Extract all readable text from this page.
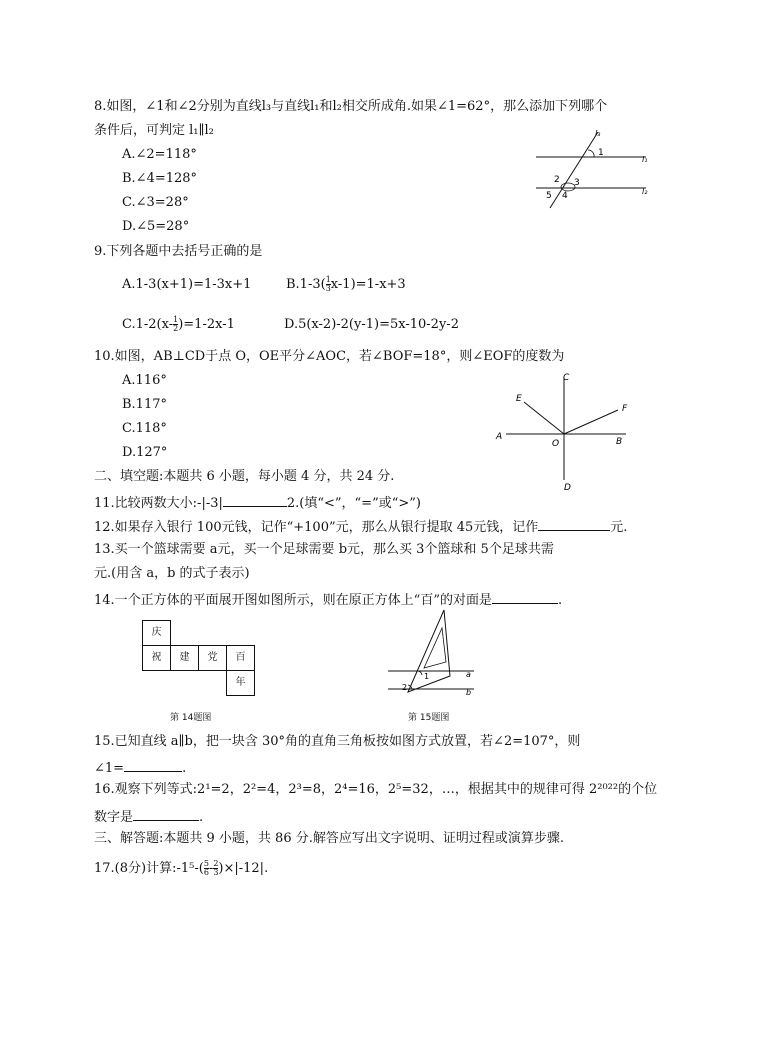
8.如图，∠1和∠2分别为直线l₃与直线l₁和l₂相交所成角.如果∠1=62°，那么添加下列哪个
条件后，可判定 l₁∥l₂
A.∠2=118°
B.∠4=128°
C.∠3=28°
D.∠5=28°
l₃
l₁
l₂
1
2 3
4
5
9.下列各题中去括号正确的是
A.1-3(x+1)=1-3x+1	$B.1-3( \frac{1}{3} x-1)=1-x+3$
$C.1-2(x- \frac{1}{2} )=1-2x-1$	D.5(x-2)-2(y-1)=5x-10-2y-2
10.如图，AB⊥CD于点 O，OE平分∠AOC，若∠BOF=18°，则∠EOF的度数为
A.116°
B.117°
C.118°
D.127°
C
E
F
A
O	B
D
二、填空题:本题共 6 小题，每小题 4 分，共 24 分.
11.比较两数大小:-|-3|	2.(填“<”，“=”或“>”)
12.如果存入银行 100元钱，记作“+100”元，那么从银行提取 45元钱，记作	元.
13.买一个篮球需要 a元，买一个足球需要 b元，那么买 3个篮球和 5个足球共需
元.(用含 a，b 的式子表示)
14.一个正方体的平面展开图如图所示，则在原正方体上“百”的对面是	.
庆
祝	建	党	百
年
第 14题图
a
b
1
2
第 15题图
15.已知直线 a∥b，把一块含 30°角的直角三角板按如图方式放置，若∠2=107°，则
∠1=	.
16.观察下列等式:2¹=2，2²=4，2³=8，2⁴=16，2⁵=32，…，根据其中的规律可得 2²⁰²²的个位
数字是	.
三、解答题:本题共 9 小题，共 86 分.解答应写出文字说明、证明过程或演算步骤.
17.(8分)计算:-1⁵-( $\frac{5}{6} - \frac{2}{3} )\times|-12|$.
